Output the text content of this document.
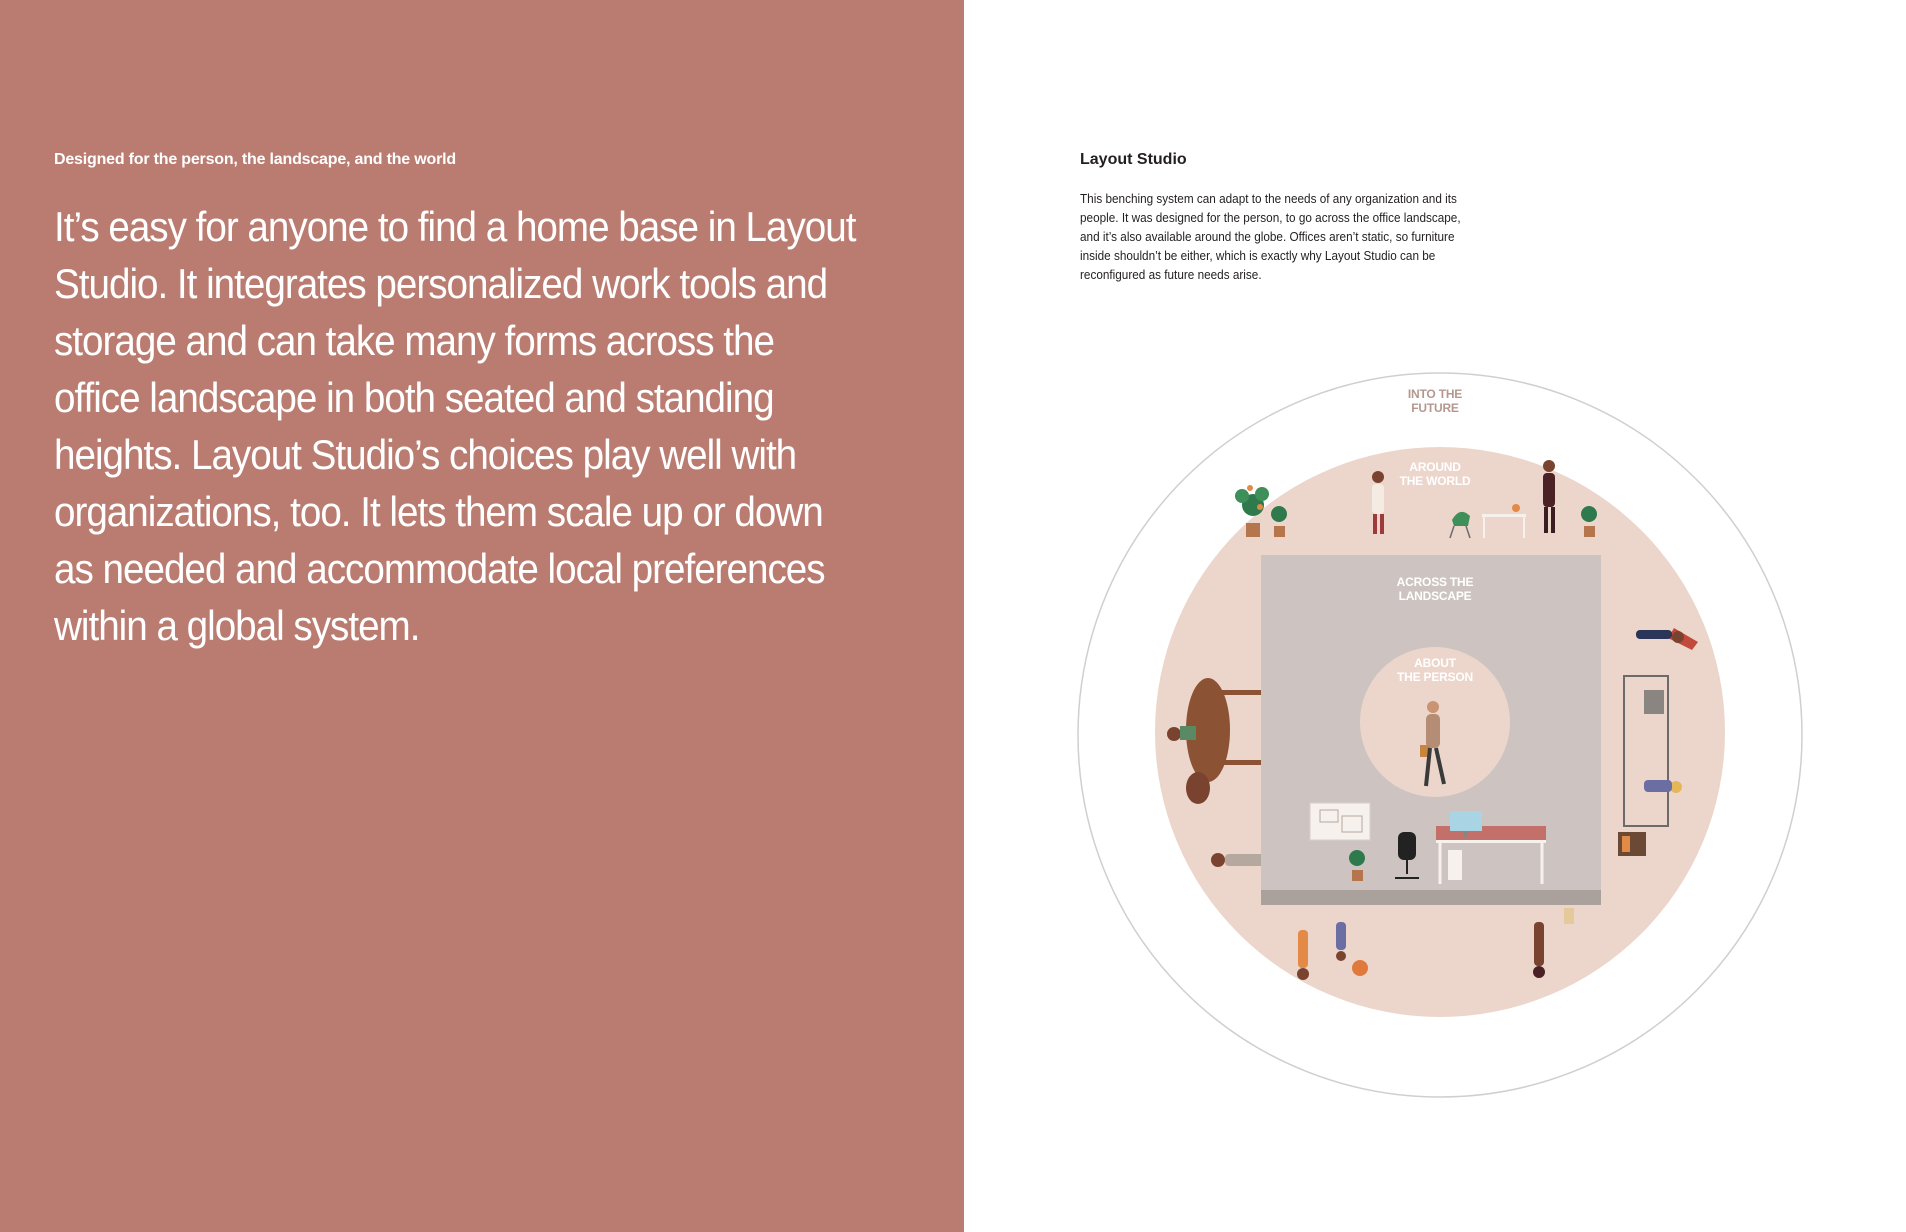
Designed for the person, the landscape, and the world
It’s easy for anyone to find a home base in Layout Studio. It integrates personalized work tools and storage and can take many forms across the office landscape in both seated and standing heights. Layout Studio’s choices play well with organizations, too. It lets them scale up or down as needed and accommodate local preferences within a global system.
Layout Studio
This benching system can adapt to the needs of any organization and its people. It was designed for the person, to go across the office landscape, and it’s also available around the globe. Offices aren’t static, so furniture inside shouldn’t be either, which is exactly why Layout Studio can be reconfigured as future needs arise.
INTO THE
FUTURE
AROUND
THE WORLD
ACROSS THE
LANDSCAPE
ABOUT
THE PERSON
